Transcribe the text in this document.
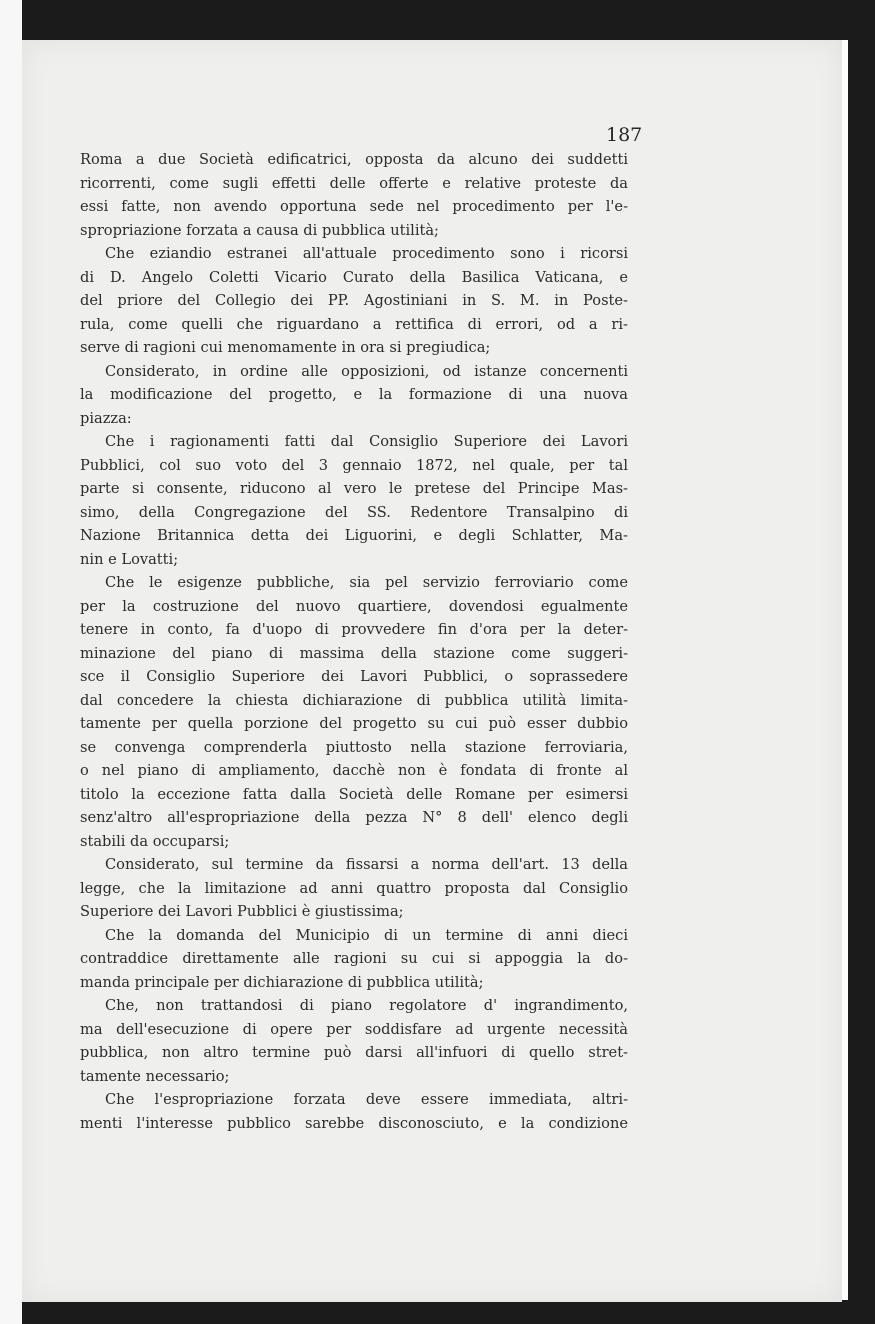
187
Roma a due Società edificatrici, opposta da alcuno dei suddetti
ricorrenti, come sugli effetti delle offerte e relative proteste da
essi fatte, non avendo opportuna sede nel procedimento per l'e-
spropriazione forzata a causa di pubblica utilità;
Che eziandio estranei all'attuale procedimento sono i ricorsi
di D. Angelo Coletti Vicario Curato della Basilica Vaticana, e
del priore del Collegio dei PP. Agostiniani in S. M. in Poste-
rula, come quelli che riguardano a rettifica di errori, od a ri-
serve di ragioni cui menomamente in ora si pregiudica;
Considerato, in ordine alle opposizioni, od istanze concernenti
la modificazione del progetto, e la formazione di una nuova
piazza:
Che i ragionamenti fatti dal Consiglio Superiore dei Lavori
Pubblici, col suo voto del 3 gennaio 1872, nel quale, per tal
parte si consente, riducono al vero le pretese del Principe Mas-
simo, della Congregazione del SS. Redentore Transalpino di
Nazione Britannica detta dei Liguorini, e degli Schlatter, Ma-
nin e Lovatti;
Che le esigenze pubbliche, sia pel servizio ferroviario come
per la costruzione del nuovo quartiere, dovendosi egualmente
tenere in conto, fa d'uopo di provvedere fin d'ora per la deter-
minazione del piano di massima della stazione come suggeri-
sce il Consiglio Superiore dei Lavori Pubblici, o soprassedere
dal concedere la chiesta dichiarazione di pubblica utilità limita-
tamente per quella porzione del progetto su cui può esser dubbio
se convenga comprenderla piuttosto nella stazione ferroviaria,
o nel piano di ampliamento, dacchè non è fondata di fronte al
titolo la eccezione fatta dalla Società delle Romane per esimersi
senz'altro all'espropriazione della pezza N° 8 dell' elenco degli
stabili da occuparsi;
Considerato, sul termine da fissarsi a norma dell'art. 13 della
legge, che la limitazione ad anni quattro proposta dal Consiglio
Superiore dei Lavori Pubblici è giustissima;
Che la domanda del Municipio di un termine di anni dieci
contraddice direttamente alle ragioni su cui si appoggia la do-
manda principale per dichiarazione di pubblica utilità;
Che, non trattandosi di piano regolatore d' ingrandimento,
ma dell'esecuzione di opere per soddisfare ad urgente necessità
pubblica, non altro termine può darsi all'infuori di quello stret-
tamente necessario;
Che l'espropriazione forzata deve essere immediata, altri-
menti l'interesse pubblico sarebbe disconosciuto, e la condizione
